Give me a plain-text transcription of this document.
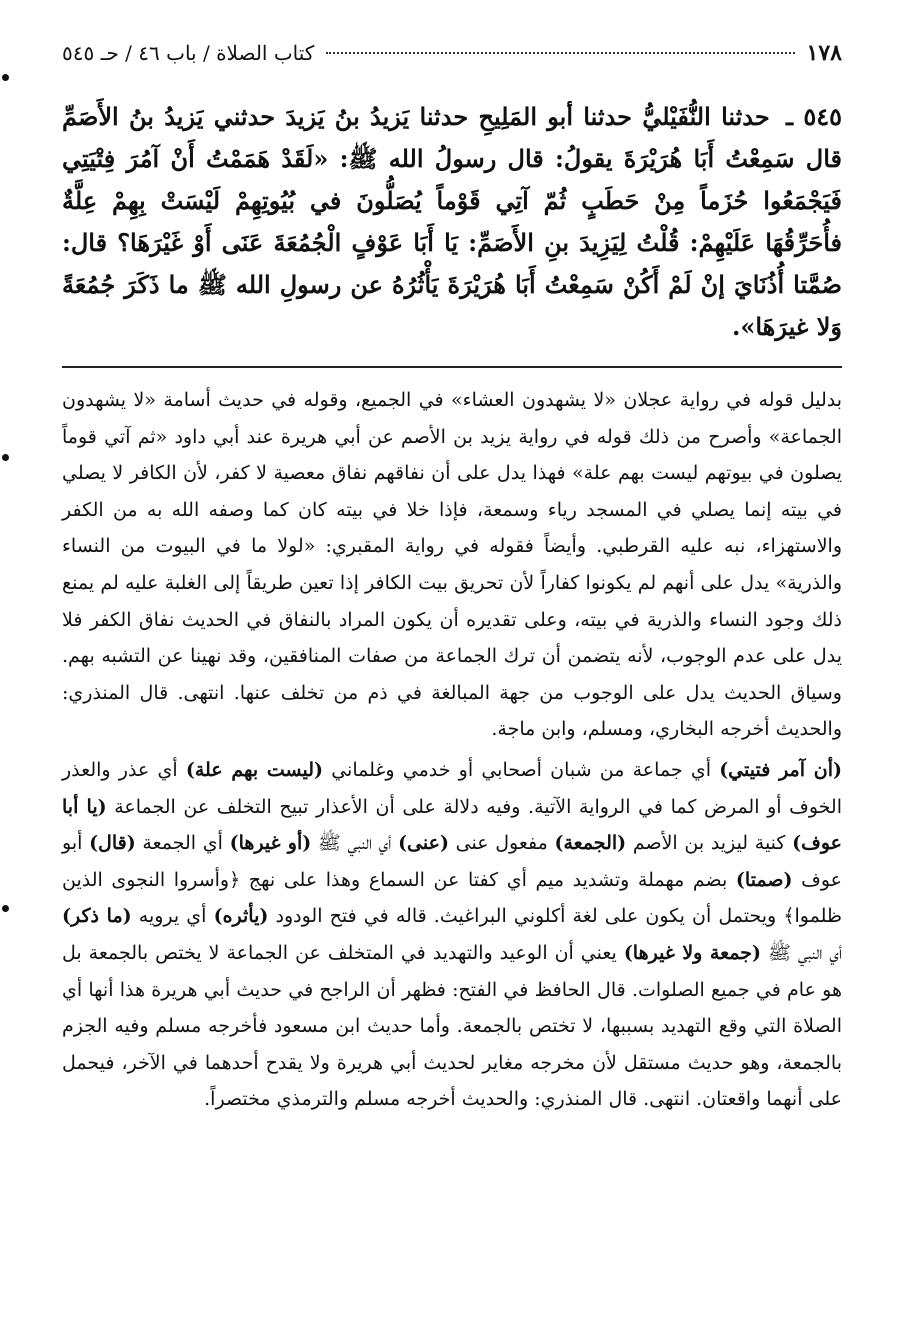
١٧٨
كتاب الصلاة / باب ٤٦ / حـ ٥٤٥
٥٤٥ ـ حدثنا النُّفَيْليُّ حدثنا أبو المَلِيحِ حدثنا يَزيدُ بنُ يَزيدَ حدثني يَزيدُ بنُ الأَصَمِّ قال سَمِعْتُ أَبَا هُرَيْرَةَ يقولُ: قال رسولُ الله ﷺ: «لَقَدْ هَمَمْتُ أَنْ آمُرَ فِتْيَتِي فَيَجْمَعُوا حُزَماً مِنْ حَطَبٍ ثُمّ آتِي قَوْماً يُصَلُّونَ في بُيُوتِهِمْ لَيْسَتْ بِهِمْ عِلَّةٌ فأُحَرِّقُهَا عَلَيْهِمْ: قُلْتُ لِيَزِيدَ بنِ الأَصَمِّ: يَا أَبَا عَوْفٍ الْجُمُعَةَ عَنَى أَوْ غَيْرَهَا؟ قال: صُمَّتا أُذُنَايَ إنْ لَمْ أَكُنْ سَمِعْتُ أَبَا هُرَيْرَةَ يَأْثُرُهُ عن رسولِ الله ﷺ ما ذَكَرَ جُمُعَةً وَلا غيرَهَا».

بدليل قوله في رواية عجلان «لا يشهدون العشاء» في الجميع، وقوله في حديث أسامة «لا يشهدون الجماعة» وأصرح من ذلك قوله في رواية يزيد بن الأصم عن أبي هريرة عند أبي داود «ثم آتي قوماً يصلون في بيوتهم ليست بهم علة» فهذا يدل على أن نفاقهم نفاق معصية لا كفر، لأن الكافر لا يصلي في بيته إنما يصلي في المسجد رياء وسمعة، فإذا خلا في بيته كان كما وصفه الله به من الكفر والاستهزاء، نبه عليه القرطبي. وأيضاً فقوله في رواية المقبري: «لولا ما في البيوت من النساء والذرية» يدل على أنهم لم يكونوا كفاراً لأن تحريق بيت الكافر إذا تعين طريقاً إلى الغلبة عليه لم يمنع ذلك وجود النساء والذرية في بيته، وعلى تقديره أن يكون المراد بالنفاق في الحديث نفاق الكفر فلا يدل على عدم الوجوب، لأنه يتضمن أن ترك الجماعة من صفات المنافقين، وقد نهينا عن التشبه بهم. وسياق الحديث يدل على الوجوب من جهة المبالغة في ذم من تخلف عنها. انتهى. قال المنذري: والحديث أخرجه البخاري، ومسلم، وابن ماجة.

(أن آمر فتيتي) أي جماعة من شبان أصحابي أو خدمي وغلماني (ليست بهم علة) أي عذر والعذر الخوف أو المرض كما في الرواية الآتية. وفيه دلالة على أن الأعذار تبيح التخلف عن الجماعة (يا أبا عوف) كنية ليزيد بن الأصم (الجمعة) مفعول عنى (عنى) أي النبي ﷺ (أو غيرها) أي الجمعة (قال) أبو عوف (صمتا) بضم مهملة وتشديد ميم أي كفتا عن السماع وهذا على نهج ﴿وأسروا النجوى الذين ظلموا﴾ ويحتمل أن يكون على لغة أكلوني البراغيث. قاله في فتح الودود (يأثره) أي يرويه (ما ذكر) أي النبي ﷺ (جمعة ولا غيرها) يعني أن الوعيد والتهديد في المتخلف عن الجماعة لا يختص بالجمعة بل هو عام في جميع الصلوات. قال الحافظ في الفتح: فظهر أن الراجح في حديث أبي هريرة هذا أنها أي الصلاة التي وقع التهديد بسببها، لا تختص بالجمعة. وأما حديث ابن مسعود فأخرجه مسلم وفيه الجزم بالجمعة، وهو حديث مستقل لأن مخرجه مغاير لحديث أبي هريرة ولا يقدح أحدهما في الآخر، فيحمل على أنهما واقعتان. انتهى. قال المنذري: والحديث أخرجه مسلم والترمذي مختصراً.
